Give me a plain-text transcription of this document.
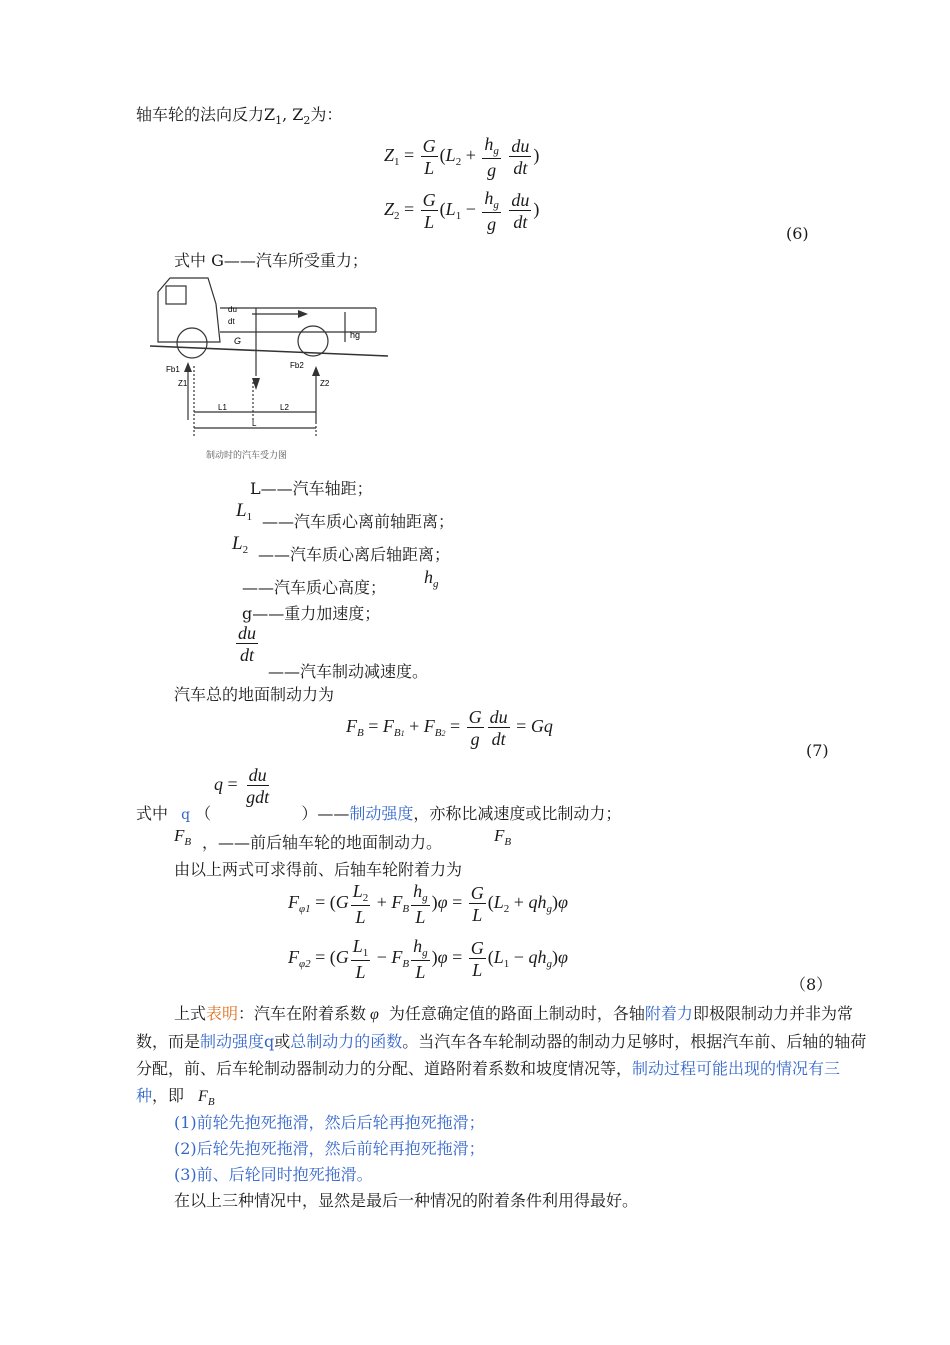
轴车轮的法向反力$Z_1$, $Z_2$为：
$Z_1 = \frac{G}{L} (L_2 + \frac{h_g}{g}$
$\frac{du}{dt}$ )
$Z_2 = \frac{G}{L} (L_1 - \frac{h_g}{g}$
$\frac{du}{dt}$ )
(6)
式中 G——汽车所受重力；
du
dt
G
hg
Fb1	Fb2
Z1	Z2
L1	L2
L
制动时的汽车受力图
L——汽车轴距；
$L_1$ ——汽车质心离前轴距离；
$L_2$ ——汽车质心离后轴距离；
——汽车质心高度；
$h_g$
g——重力加速度；
$\frac{du}{dt}$
——汽车制动减速度。
汽车总的地面制动力为
$F_B = F_{B1} + F_{B2} = \frac{G}{g} \frac{du}{dt} = Gq$
(7)
$q = \frac{du}{\text{gdt}}$
式中 q （	）——制动强度，亦称比减速度或比制动力；
$F_B$ ，——前后轴车轮的地面制动力。	$F_B$
由以上两式可求得前、后轴车轮附着力为
$F_{\varphi 1} = (G \frac{L_2}{L} + F_B \frac{h_g}{L} )\varphi = \frac{G}{L} (L_2 + qh_g)\varphi$
$F_{\varphi 2} = (G \frac{L_1}{L} - F_B \frac{h_g}{L} )\varphi = \frac{G}{L} (L_1 - qh_g)\varphi$
（8）
上式表明：汽车在附着系数 φ 为任意确定值的路面上制动时，各轴附着力即极限制动力并非为常数，而是制动强度q或总制动力的函数。当汽车各车轮制动器的制动力足够时，根据汽车前、后轴的轴荷分配，前、后车轮制动器制动力的分配、道路附着系数和坡度情况等，制动过程可能出现的情况有三种，即 $F_B$
(1)前轮先抱死拖滑，然后后轮再抱死拖滑；
(2)后轮先抱死拖滑，然后前轮再抱死拖滑；
(3)前、后轮同时抱死拖滑。
在以上三种情况中，显然是最后一种情况的附着条件利用得最好。
